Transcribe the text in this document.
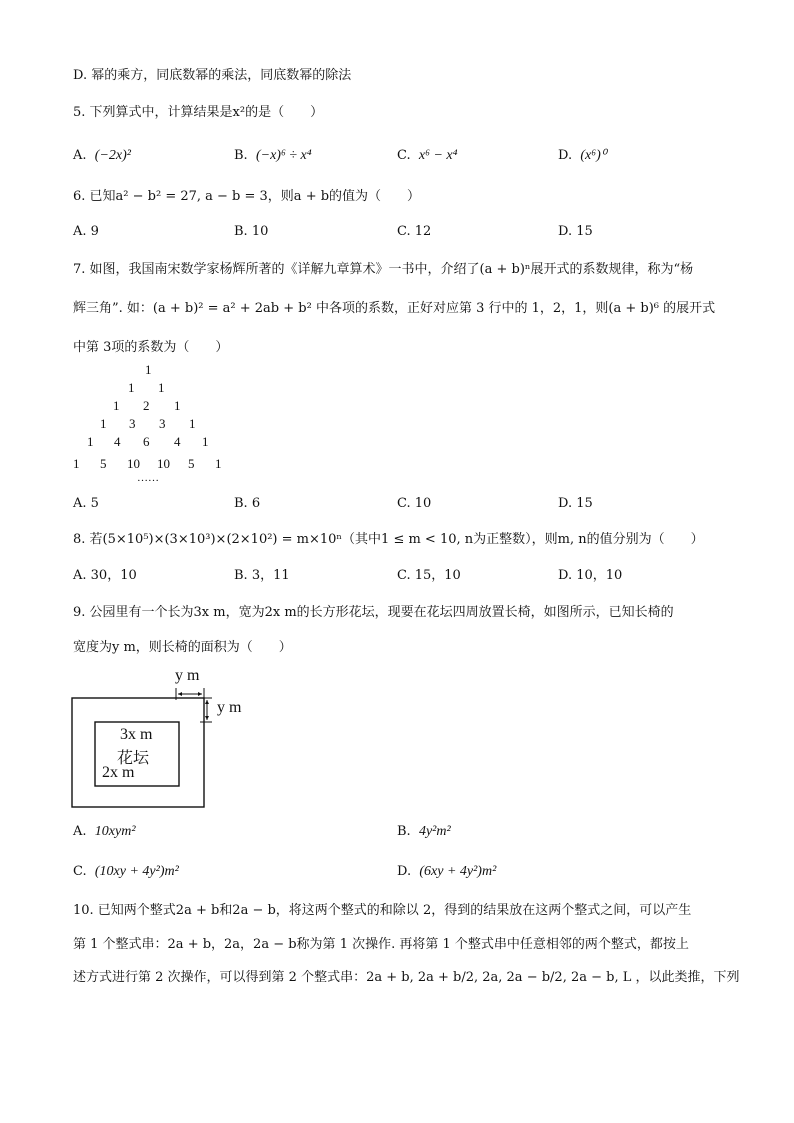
D. 幂的乘方，同底数幂的乘法，同底数幂的除法
5. 下列算式中，计算结果是x²的是（　　）
A. (−2x)²	B. (−x)⁶ ÷ x⁴	C. x⁶ − x⁴	D. (x⁶)⁰
6. 已知a² − b² = 27, a − b = 3，则a + b的值为（　　）
A. 9	B. 10	C. 12	D. 15
7. 如图，我国南宋数学家杨辉所著的《详解九章算术》一书中，介绍了(a + b)ⁿ展开式的系数规律，称为“杨
辉三角”. 如：(a + b)² = a² + 2ab + b² 中各项的系数，正好对应第 3 行中的 1，2，1，则(a + b)⁶ 的展开式
中第 3项的系数为（　　）
1
1 1
1 2 1
1 3 3 1
1 4 6 4 1
1 5 10 10 5 1
……
A. 5	B. 6	C. 10	D. 15
8. 若(5×10⁵)×(3×10³)×(2×10²) = m×10ⁿ（其中1 ≤ m < 10, n为正整数），则m, n的值分别为（　　）
A. 30，10	B. 3，11	C. 15，10	D. 10，10
9. 公园里有一个长为3x m，宽为2x m的长方形花坛，现要在花坛四周放置长椅，如图所示，已知长椅的
宽度为y m，则长椅的面积为（　　）
y m
y m
3x m
花坛
2x m
A. 10xym²	B. 4y²m²
C. (10xy + 4y²)m²	D. (6xy + 4y²)m²
10. 已知两个整式2a + b和2a − b，将这两个整式的和除以 2，得到的结果放在这两个整式之间，可以产生
第 1 个整式串：2a + b，2a，2a − b称为第 1 次操作. 再将第 1 个整式串中任意相邻的两个整式，都按上
述方式进行第 2 次操作，可以得到第 2 个整式串：2a + b, 2a + b/2, 2a, 2a − b/2, 2a − b, L ，以此类推，下列
